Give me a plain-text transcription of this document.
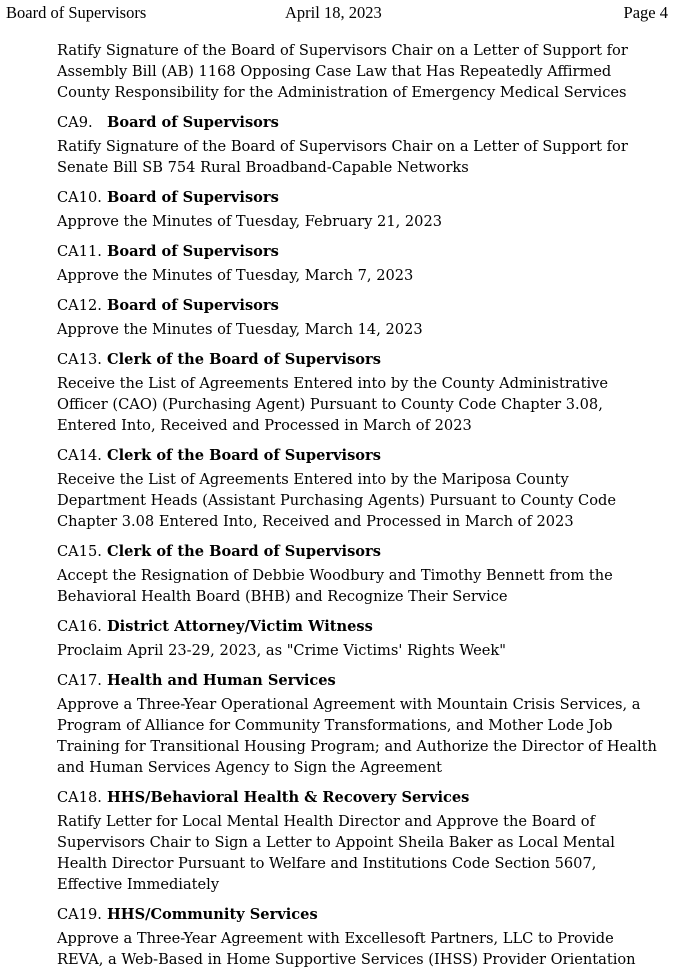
Board of Supervisors	April 18, 2023	Page 4

Ratify Signature of the Board of Supervisors Chair on a Letter of Support for

Assembly Bill (AB) 1168 Opposing Case Law that Has Repeatedly Affirmed

County Responsibility for the Administration of Emergency Medical Services

CA9. Board of Supervisors

Ratify Signature of the Board of Supervisors Chair on a Letter of Support for

Senate Bill SB 754 Rural Broadband-Capable Networks

CA10. Board of Supervisors

Approve the Minutes of Tuesday, February 21, 2023

CA11. Board of Supervisors

Approve the Minutes of Tuesday, March 7, 2023

CA12. Board of Supervisors

Approve the Minutes of Tuesday, March 14, 2023

CA13. Clerk of the Board of Supervisors

Receive the List of Agreements Entered into by the County Administrative

Officer (CAO) (Purchasing Agent) Pursuant to County Code Chapter 3.08,

Entered Into, Received and Processed in March of 2023

CA14. Clerk of the Board of Supervisors

Receive the List of Agreements Entered into by the Mariposa County

Department Heads (Assistant Purchasing Agents) Pursuant to County Code

Chapter 3.08 Entered Into, Received and Processed in March of 2023

CA15. Clerk of the Board of Supervisors

Accept the Resignation of Debbie Woodbury and Timothy Bennett from the

Behavioral Health Board (BHB) and Recognize Their Service

CA16. District Attorney/Victim Witness

Proclaim April 23-29, 2023, as "Crime Victims' Rights Week"

CA17. Health and Human Services

Approve a Three-Year Operational Agreement with Mountain Crisis Services, a

Program of Alliance for Community Transformations, and Mother Lode Job

Training for Transitional Housing Program; and Authorize the Director of Health

and Human Services Agency to Sign the Agreement

CA18. HHS/Behavioral Health & Recovery Services

Ratify Letter for Local Mental Health Director and Approve the Board of

Supervisors Chair to Sign a Letter to Appoint Sheila Baker as Local Mental

Health Director Pursuant to Welfare and Institutions Code Section 5607,

Effective Immediately

CA19. HHS/Community Services

Approve a Three-Year Agreement with Excellesoft Partners, LLC to Provide

REVA, a Web-Based in Home Supportive Services (IHSS) Provider Orientation
